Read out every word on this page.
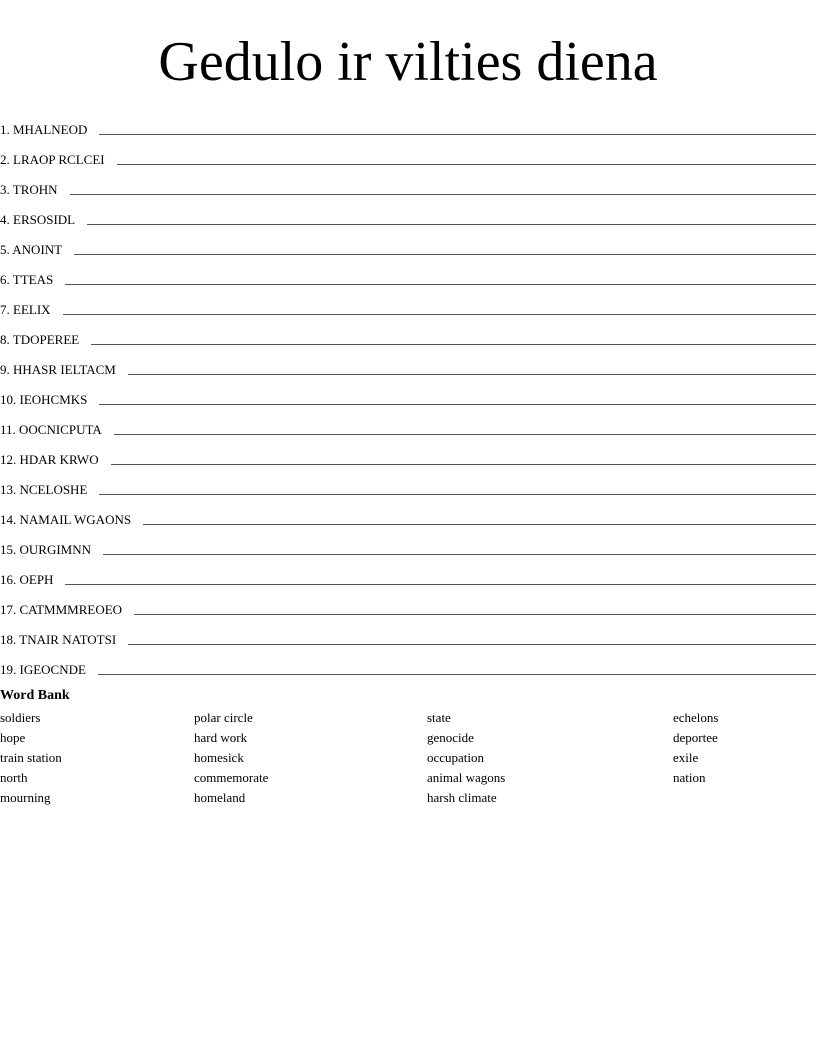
Gedulo ir vilties diena
1. MHALNEOD
2. LRAOP RCLCEI
3. TROHN
4. ERSOSIDL
5. ANOINT
6. TTEAS
7. EELIX
8. TDOPEREE
9. HHASR IELTACM
10. IEOHCMKS
11. OOCNICPUTA
12. HDAR KRWO
13. NCELOSHE
14. NAMAIL WGAONS
15. OURGIMNN
16. OEPH
17. CATMMMREOEO
18. TNAIR NATOTSI
19. IGEOCNDE
Word Bank
soldiers
hope
train station
north
mourning
polar circle
hard work
homesick
commemorate
homeland
state
genocide
occupation
animal wagons
harsh climate
echelons
deportee
exile
nation
